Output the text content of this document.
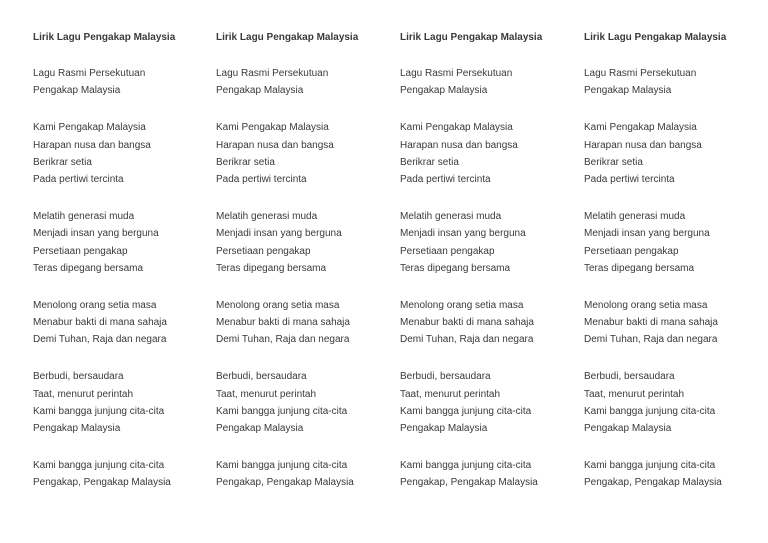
Lirik Lagu Pengakap Malaysia
Lagu Rasmi Persekutuan
Pengakap Malaysia
Kami Pengakap Malaysia
Harapan nusa dan bangsa
Berikrar setia
Pada pertiwi tercinta
Melatih generasi muda
Menjadi insan yang berguna
Persetiaan pengakap
Teras dipegang bersama
Menolong orang setia masa
Menabur bakti di mana sahaja
Demi Tuhan, Raja dan negara
Berbudi, bersaudara
Taat, menurut perintah
Kami bangga junjung cita-cita
Pengakap Malaysia
Kami bangga junjung cita-cita
Pengakap, Pengakap Malaysia
Lirik Lagu Pengakap Malaysia
Lagu Rasmi Persekutuan
Pengakap Malaysia
Kami Pengakap Malaysia
Harapan nusa dan bangsa
Berikrar setia
Pada pertiwi tercinta
Melatih generasi muda
Menjadi insan yang berguna
Persetiaan pengakap
Teras dipegang bersama
Menolong orang setia masa
Menabur bakti di mana sahaja
Demi Tuhan, Raja dan negara
Berbudi, bersaudara
Taat, menurut perintah
Kami bangga junjung cita-cita
Pengakap Malaysia
Kami bangga junjung cita-cita
Pengakap, Pengakap Malaysia
Lirik Lagu Pengakap Malaysia
Lagu Rasmi Persekutuan
Pengakap Malaysia
Kami Pengakap Malaysia
Harapan nusa dan bangsa
Berikrar setia
Pada pertiwi tercinta
Melatih generasi muda
Menjadi insan yang berguna
Persetiaan pengakap
Teras dipegang bersama
Menolong orang setia masa
Menabur bakti di mana sahaja
Demi Tuhan, Raja dan negara
Berbudi, bersaudara
Taat, menurut perintah
Kami bangga junjung cita-cita
Pengakap Malaysia
Kami bangga junjung cita-cita
Pengakap, Pengakap Malaysia
Lirik Lagu Pengakap Malaysia
Lagu Rasmi Persekutuan
Pengakap Malaysia
Kami Pengakap Malaysia
Harapan nusa dan bangsa
Berikrar setia
Pada pertiwi tercinta
Melatih generasi muda
Menjadi insan yang berguna
Persetiaan pengakap
Teras dipegang bersama
Menolong orang setia masa
Menabur bakti di mana sahaja
Demi Tuhan, Raja dan negara
Berbudi, bersaudara
Taat, menurut perintah
Kami bangga junjung cita-cita
Pengakap Malaysia
Kami bangga junjung cita-cita
Pengakap, Pengakap Malaysia
